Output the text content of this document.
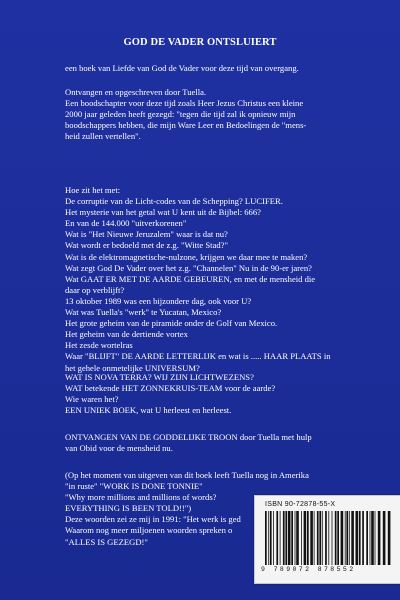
GOD DE VADER ONTSLUIERT
een boek van Liefde van God de Vader voor deze tijd van overgang.
Ontvangen en opgeschreven door Tuella.
Een boodschapter voor deze tijd zoals Heer Jezus Christus een kleine
2000 jaar geleden heeft gezegd: "tegen die tijd zal ik opnieuw mijn
boodschappers hebben, die mijn Ware Leer en Bedoelingen de "mens-
heid zullen vertellen".
Hoe zit het met:
De corruptie van de Licht-codes van de Schepping? LUCIFER.
Het mysterie van het getal wat U kent uit de Bijbel: 666?
En van de 144.000 "uitverkorenen"
Wat is "Het Nieuwe Jeruzalem" waar is dat nu?
Wat wordt er bedoeld met de z.g. "Witte Stad?"
Wat is de elektromagnetische-nulzone, krijgen we daar mee te maken?
Wat zegt God De Vader over het z.g. "Channelen" Nu in de 90-er jaren?
Wat GAAT ER MET DE AARDE GEBEUREN, en met de mensheid die
daar op verblijft?
13 oktober 1989 was een bijzondere dag, ook voor U?
Wat was Tuella's "werk" te Yucatan, Mexico?
Het grote geheim van de piramide onder de Golf van Mexico.
Het geheim van de dertiende vortex
Het zesde wortelras
Waar "BLIJFT" DE AARDE LETTERLIJK en wat is ..... HAAR PLAATS in
het gehele onmetelijke UNIVERSUM?
WAT IS NOVA TERRA? WIJ ZIJN LICHTWEZENS?
WAT betekende HET ZONNEKRUIS-TEAM voor de aarde?
Wie waren het?
EEN UNIEK BOEK, wat U herleest en herleest.
ONTVANGEN VAN DE GODDELIJKE TROON door Tuella met hulp
van Obid voor de mensheid nu.
(Op het moment van uitgeven van dit boek leeft Tuella nog in Amerika
"in ruste" "WORK IS DONE TONNIE"
"Why more millions and millions of words?
EVERYTHING IS BEEN TOLD!!")
Deze woorden zei ze mij in 1991: "Het werk is ged
Waarom nog meer miljoenen woorden spreken o
"ALLES IS GEZEGD!"
ISBN 90-72878-55-X
9 789072 878552
